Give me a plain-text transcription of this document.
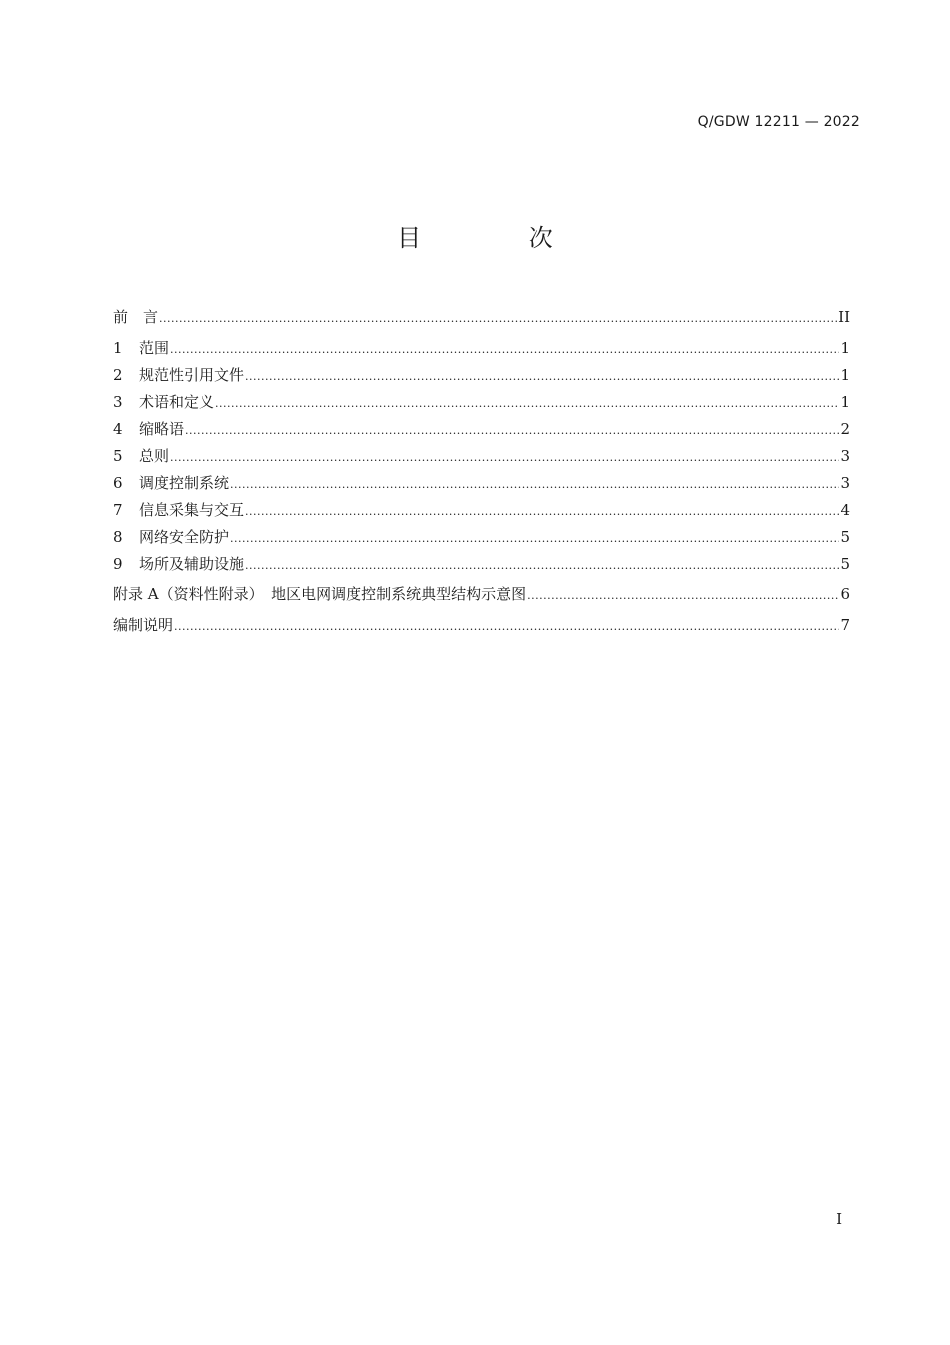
Q/GDW 12211 — 2022
目 次
前　言 .....	II
1	范围 .....	1
2	规范性引用文件 .....	1
3	术语和定义 .....	1
4	缩略语 .....	2
5	总则 .....	3
6	调度控制系统 .....	3
7	信息采集与交互 .....	4
8	网络安全防护 .....	5
9	场所及辅助设施 .....	5
附录 A（资料性附录）　地区电网调度控制系统典型结构示意图 .....	6
编制说明 .....	7
I
